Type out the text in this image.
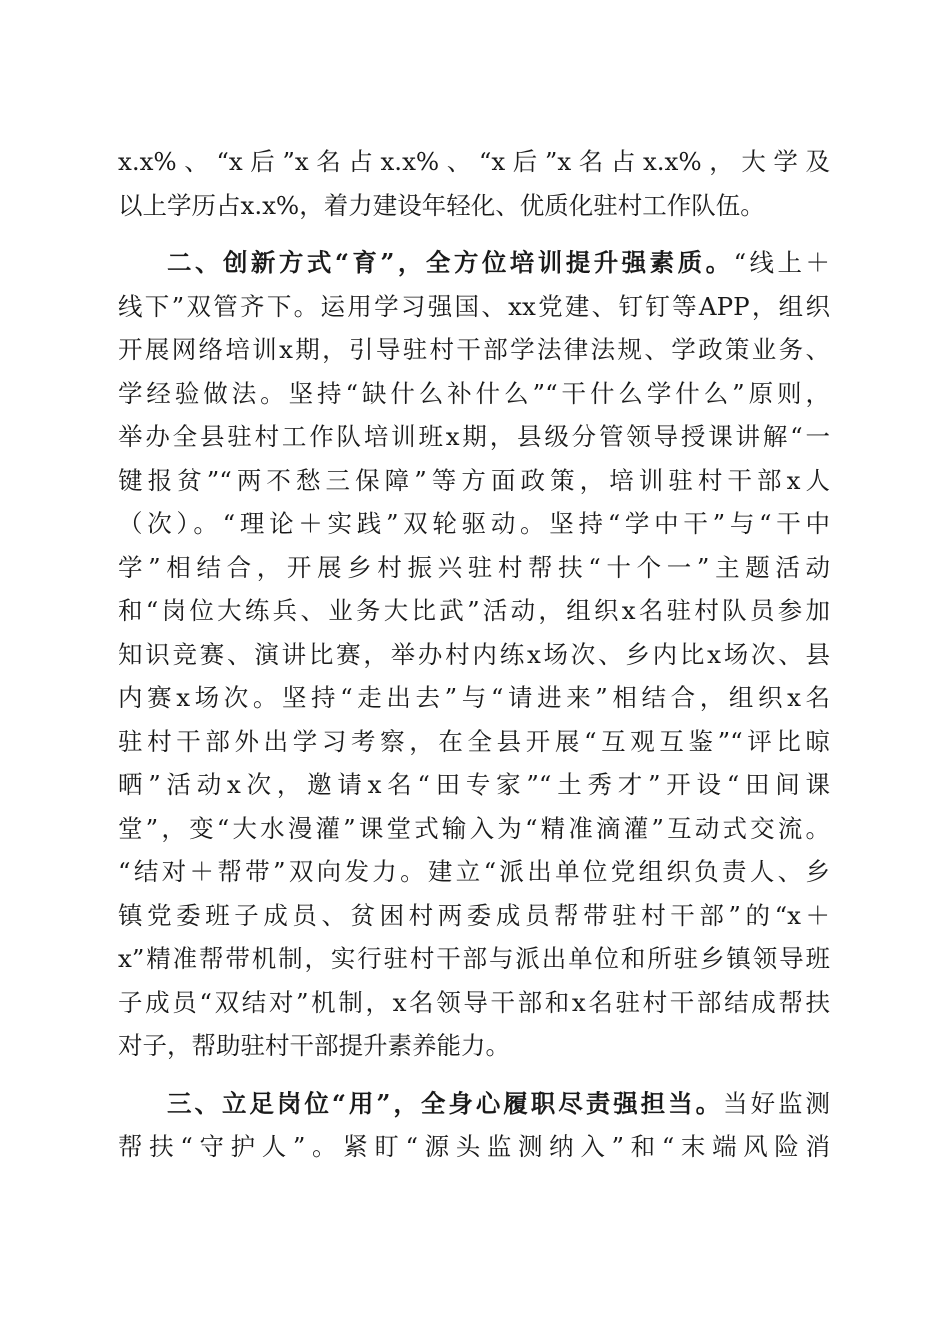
x.x%、“x后”x名占x.x%、“x后”x名占x.x%，大学及
以上学历占x.x%，着力建设年轻化、优质化驻村工作队伍。
二、创新方式“育”，全方位培训提升强素质。“线上＋
线下”双管齐下。运用学习强国、xx党建、钉钉等APP，组织
开展网络培训x期，引导驻村干部学法律法规、学政策业务、
学经验做法。坚持“缺什么补什么”“干什么学什么”原则，
举办全县驻村工作队培训班x期，县级分管领导授课讲解“一
键报贫”“两不愁三保障”等方面政策，培训驻村干部x人
（次）。“理论＋实践”双轮驱动。坚持“学中干”与“干中
学”相结合，开展乡村振兴驻村帮扶“十个一”主题活动
和“岗位大练兵、业务大比武”活动，组织x名驻村队员参加
知识竞赛、演讲比赛，举办村内练x场次、乡内比x场次、县
内赛x场次。坚持“走出去”与“请进来”相结合，组织x名
驻村干部外出学习考察，在全县开展“互观互鉴”“评比晾
晒”活动x次，邀请x名“田专家”“土秀才”开设“田间课
堂”，变“大水漫灌”课堂式输入为“精准滴灌”互动式交流。
“结对＋帮带”双向发力。建立“派出单位党组织负责人、乡
镇党委班子成员、贫困村两委成员帮带驻村干部”的“x＋
x”精准帮带机制，实行驻村干部与派出单位和所驻乡镇领导班
子成员“双结对”机制，x名领导干部和x名驻村干部结成帮扶
对子，帮助驻村干部提升素养能力。
三、立足岗位“用”，全身心履职尽责强担当。当好监测
帮扶“守护人”。紧盯“源头监测纳入”和“末端风险消
